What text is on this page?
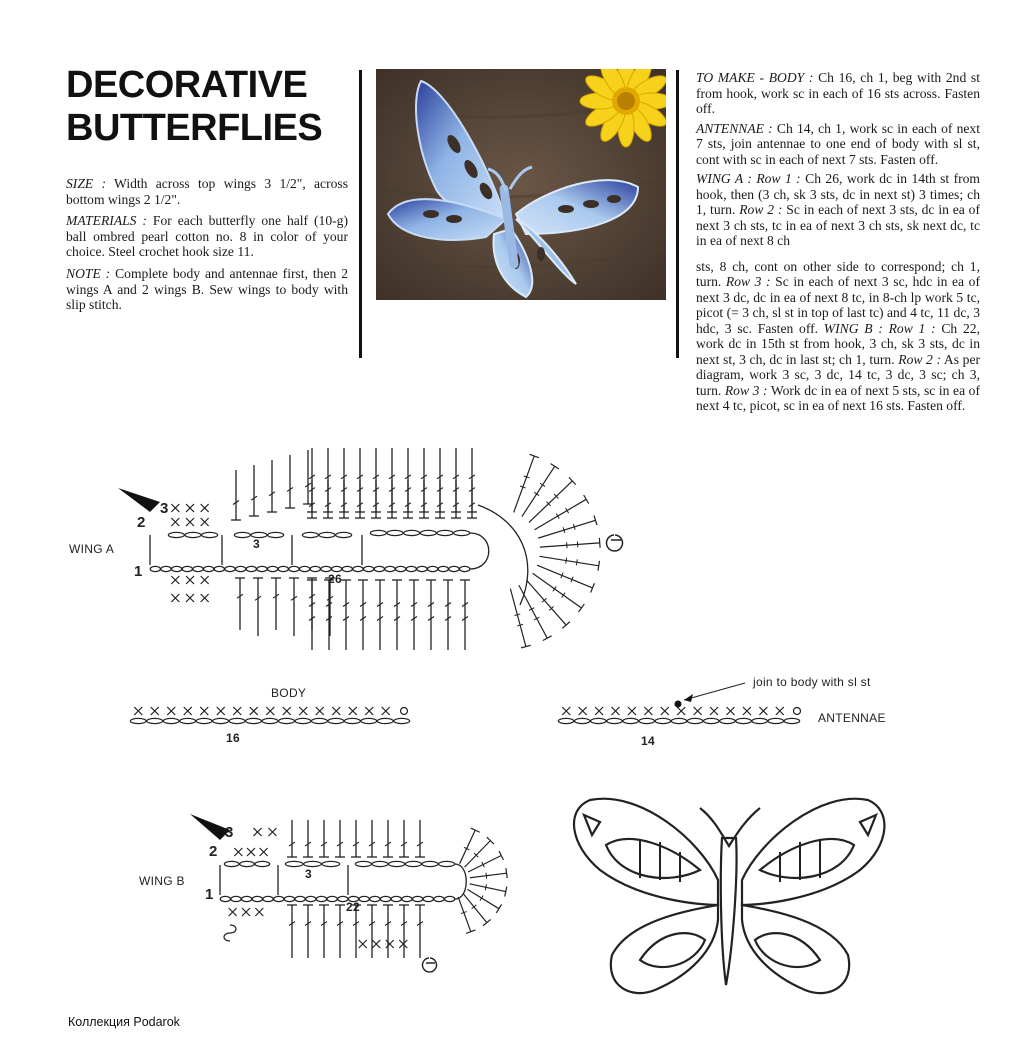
DECORATIVE
BUTTERFLIES

SIZE : Width across top wings 3 1/2", across bottom wings 2 1/2".

MATERIALS : For each butterfly one half (10-g) ball ombred pearl cotton no. 8 in color of your choice. Steel crochet hook size 11.

NOTE : Complete body and antennae first, then 2 wings A and 2 wings B. Sew wings to body with slip stitch.

TO MAKE - BODY : Ch 16, ch 1, beg with 2nd st from hook, work sc in each of 16 sts across. Fasten off.

ANTENNAE : Ch 14, ch 1, work sc in each of next 7 sts, join antennae to one end of body with sl st, cont with sc in each of next 7 sts. Fasten off.

WING A : Row 1 : Ch 26, work dc in 14th st from hook, then (3 ch, sk 3 sts, dc in next st) 3 times; ch 1, turn. Row 2 : Sc in each of next 3 sts, dc in ea of next 3 ch sts, tc in ea of next 3 ch sts, sk next dc, tc in ea of next 8 ch

sts, 8 ch, cont on other side to correspond; ch 1, turn. Row 3 : Sc in each of next 3 sc, hdc in ea of next 3 dc, dc in ea of next 8 tc, in 8-ch lp work 5 tc, picot (= 3 ch, sl st in top of last tc) and 4 tc, 11 dc, 3 hdc, 3 sc. Fasten off. WING B : Row 1 : Ch 22, work dc in 15th st from hook, 3 ch, sk 3 sts, dc in next st, 3 ch, dc in last st; ch 1, turn. Row 2 : As per diagram, work 3 sc, 3 dc, 14 tc, 3 dc, 3 sc; ch 3, turn. Row 3 : Work dc in ea of next 5 sts, sc in ea of next 4 tc, picot, sc in ea of next 16 sts. Fasten off.

WING A
1
2
3
3
26
BODY
16
join to body with sl st
ANTENNAE
14
WING B
1
2
3
3
22
Коллекция Podarok
